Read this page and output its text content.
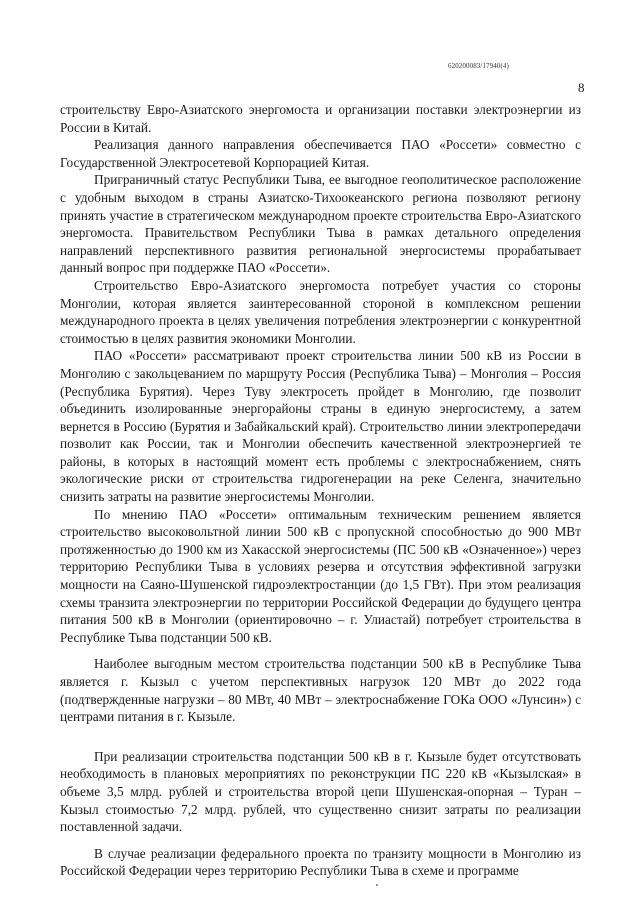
620200083/17940(4)
8

строительству Евро-Азиатского энергомоста и организации поставки электроэнергии из России в Китай.

Реализация данного направления обеспечивается ПАО «Россети» совместно с Государственной Электросетевой Корпорацией Китая.

Приграничный статус Республики Тыва, ее выгодное геополитическое расположение с удобным выходом в страны Азиатско-Тихоокеанского региона позволяют региону принять участие в стратегическом международном проекте строительства Евро-Азиатского энергомоста. Правительством Республики Тыва в рамках детального определения направлений перспективного развития региональной энергосистемы прорабатывает данный вопрос при поддержке ПАО «Россети».

Строительство Евро-Азиатского энергомоста потребует участия со стороны Монголии, которая является заинтересованной стороной в комплексном решении международного проекта в целях увеличения потребления электроэнергии с конкурентной стоимостью в целях развития экономики Монголии.

ПАО «Россети» рассматривают проект строительства линии 500 кВ из России в Монголию с закольцеванием по маршруту Россия (Республика Тыва) – Монголия – Россия (Республика Бурятия). Через Туву электросеть пройдет в Монголию, где позволит объединить изолированные энергорайоны страны в единую энергосистему, а затем вернется в Россию (Бурятия и Забайкальский край). Строительство линии электропередачи позволит как России, так и Монголии обеспечить качественной электроэнергией те районы, в которых в настоящий момент есть проблемы с электроснабжением, снять экологические риски от строительства гидрогенерации на реке Селенга, значительно снизить затраты на развитие энергосистемы Монголии.

По мнению ПАО «Россети» оптимальным техническим решением является строительство высоковольтной линии 500 кВ с пропускной способностью до 900 МВт протяженностью до 1900 км из Хакасской энергосистемы (ПС 500 кВ «Означенное») через территорию Республики Тыва в условиях резерва и отсутствия эффективной загрузки мощности на Саяно-Шушенской гидроэлектростанции (до 1,5 ГВт). При этом реализация схемы транзита электроэнергии по территории Российской Федерации до будущего центра питания 500 кВ в Монголии (ориентировочно – г. Улиастай) потребует строительства в Республике Тыва подстанции 500 кВ.

Наиболее выгодным местом строительства подстанции 500 кВ в Республике Тыва является г. Кызыл с учетом перспективных нагрузок 120 МВт до 2022 года (подтвержденные нагрузки – 80 МВт, 40 МВт – электроснабжение ГОКа ООО «Лунсин») с центрами питания в г. Кызыле.

При реализации строительства подстанции 500 кВ в г. Кызыле будет отсутствовать необходимость в плановых мероприятиях по реконструкции ПС 220 кВ «Кызылская» в объеме 3,5 млрд. рублей и строительства второй цепи Шушенская-опорная – Туран – Кызыл стоимостью 7,2 млрд. рублей, что существенно снизит затраты по реализации поставленной задачи.

В случае реализации федерального проекта по транзиту мощности в Монголию из Российской Федерации через территорию Республики Тыва в схеме и программе
